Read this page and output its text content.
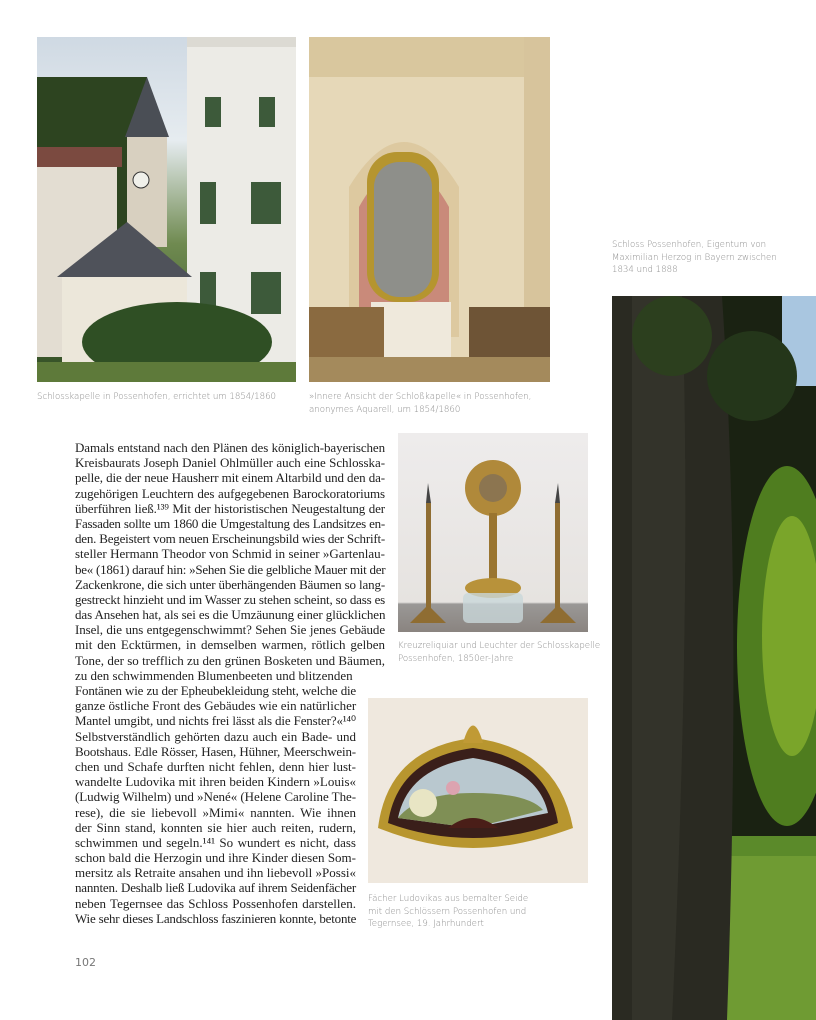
Schlosskapelle in Possenhofen, errichtet um 1854/1860	»Innere Ansicht der Schloßkapelle« in Possenhofen,
anonymes Aquarell, um 1854/1860
Schloss Possenhofen, Eigentum von
Maximilian Herzog in Bayern zwischen
1834 und 1888
Kreuzreliquiar und Leuchter der Schlosskapelle
Possenhofen, 1850er-Jahre
Fächer Ludovikas aus bemalter Seide
mit den Schlössern Possenhofen und
Tegernsee, 19. Jahrhundert
Damals entstand nach den Plänen des königlich-bayerischen
Kreisbaurats Joseph Daniel Ohlmüller auch eine Schlosska-
pelle, die der neue Hausherr mit einem Altarbild und den da-
zugehörigen Leuchtern des aufgegebenen Barockoratoriums
überführen ließ.¹³⁹ Mit der historistischen Neugestaltung der
Fassaden sollte um 1860 die Umgestaltung des Landsitzes en-
den. Begeistert vom neuen Erscheinungsbild wies der Schrift-
steller Hermann Theodor von Schmid in seiner »Gartenlau-
be« (1861) darauf hin: »Sehen Sie die gelbliche Mauer mit der
Zackenkrone, die sich unter überhängenden Bäumen so lang-
gestreckt hinzieht und im Wasser zu stehen scheint, so dass es
das Ansehen hat, als sei es die Umzäunung einer glücklichen
Insel, die uns entgegenschwimmt? Sehen Sie jenes Gebäude
mit den Ecktürmen, in demselben warmen, rötlich gelben
Tone, der so trefflich zu den grünen Bosketen und Bäumen,
zu den schwimmenden Blumenbeeten und blitzenden
Fontänen wie zu der Epheubekleidung steht, welche die
ganze östliche Front des Gebäudes wie ein natürlicher
Mantel umgibt, und nichts frei lässt als die Fenster?«¹⁴⁰
Selbstverständlich gehörten dazu auch ein Bade- und
Bootshaus. Edle Rösser, Hasen, Hühner, Meerschwein-
chen und Schafe durften nicht fehlen, denn hier lust-
wandelte Ludovika mit ihren beiden Kindern »Louis«
(Ludwig Wilhelm) und »Nené« (Helene Caroline The-
rese), die sie liebevoll »Mimi« nannten. Wie ihnen
der Sinn stand, konnten sie hier auch reiten, rudern,
schwimmen und segeln.¹⁴¹ So wundert es nicht, dass
schon bald die Herzogin und ihre Kinder diesen Som-
mersitz als Retraite ansahen und ihn liebevoll »Possi«
nannten. Deshalb ließ Ludovika auf ihrem Seidenfächer
neben Tegernsee das Schloss Possenhofen darstellen.
Wie sehr dieses Landschloss faszinieren konnte, betonte
102
